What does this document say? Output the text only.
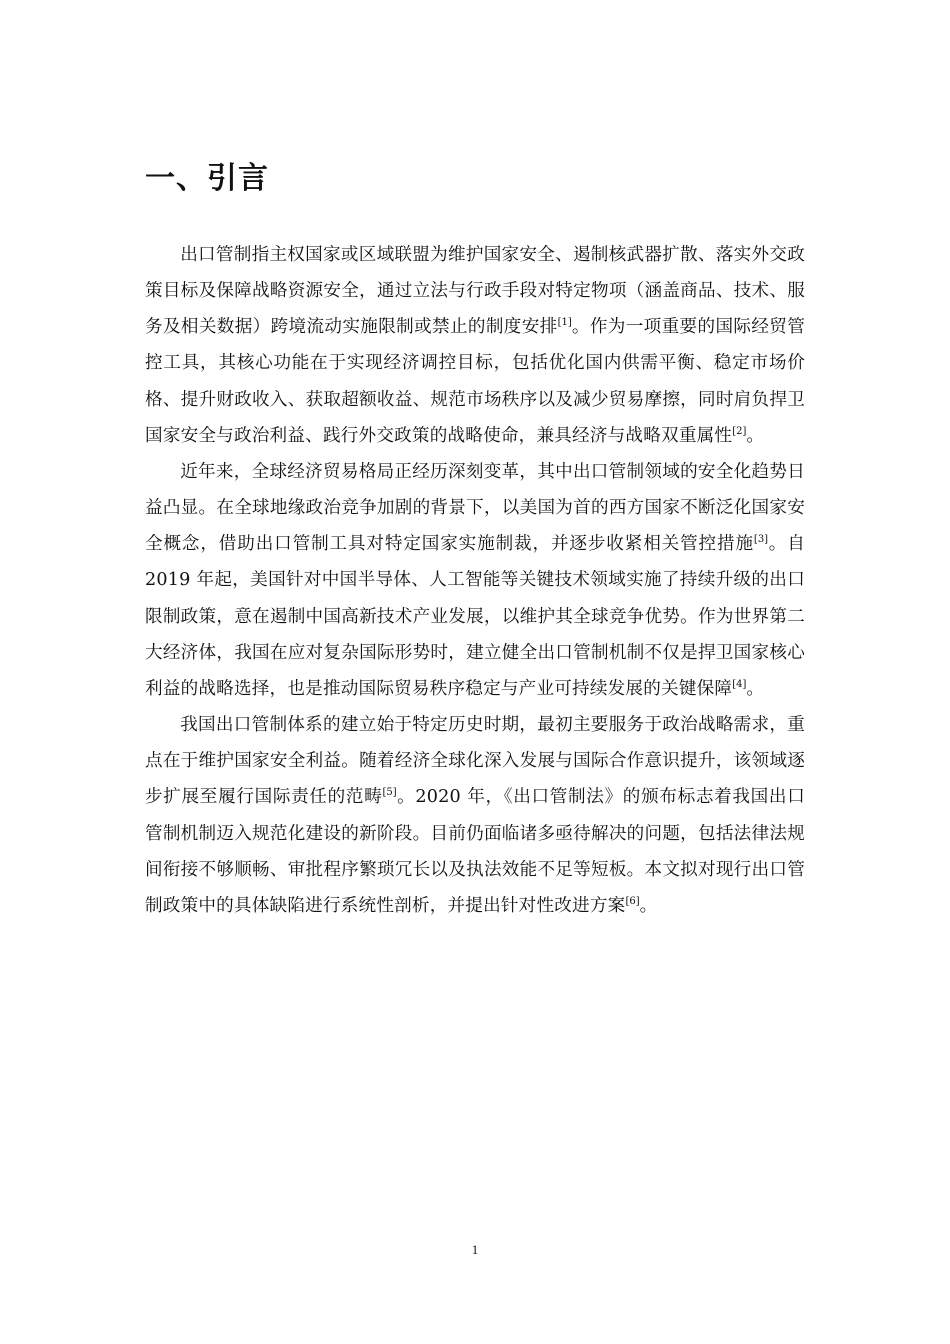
一、引言

出口管制指主权国家或区域联盟为维护国家安全、遏制核武器扩散、落实外交政策目标及保障战略资源安全，通过立法与行政手段对特定物项（涵盖商品、技术、服务及相关数据）跨境流动实施限制或禁止的制度安排[1]。作为一项重要的国际经贸管控工具，其核心功能在于实现经济调控目标，包括优化国内供需平衡、稳定市场价格、提升财政收入、获取超额收益、规范市场秩序以及减少贸易摩擦，同时肩负捍卫国家安全与政治利益、践行外交政策的战略使命，兼具经济与战略双重属性[2]。

近年来，全球经济贸易格局正经历深刻变革，其中出口管制领域的安全化趋势日益凸显。在全球地缘政治竞争加剧的背景下，以美国为首的西方国家不断泛化国家安全概念，借助出口管制工具对特定国家实施制裁，并逐步收紧相关管控措施[3]。自 2019 年起，美国针对中国半导体、人工智能等关键技术领域实施了持续升级的出口限制政策，意在遏制中国高新技术产业发展，以维护其全球竞争优势。作为世界第二大经济体，我国在应对复杂国际形势时，建立健全出口管制机制不仅是捍卫国家核心利益的战略选择，也是推动国际贸易秩序稳定与产业可持续发展的关键保障[4]。

我国出口管制体系的建立始于特定历史时期，最初主要服务于政治战略需求，重点在于维护国家安全利益。随着经济全球化深入发展与国际合作意识提升，该领域逐步扩展至履行国际责任的范畴[5]。2020 年，《出口管制法》的颁布标志着我国出口管制机制迈入规范化建设的新阶段。目前仍面临诸多亟待解决的问题，包括法律法规间衔接不够顺畅、审批程序繁琐冗长以及执法效能不足等短板。本文拟对现行出口管制政策中的具体缺陷进行系统性剖析，并提出针对性改进方案[6]。

1
